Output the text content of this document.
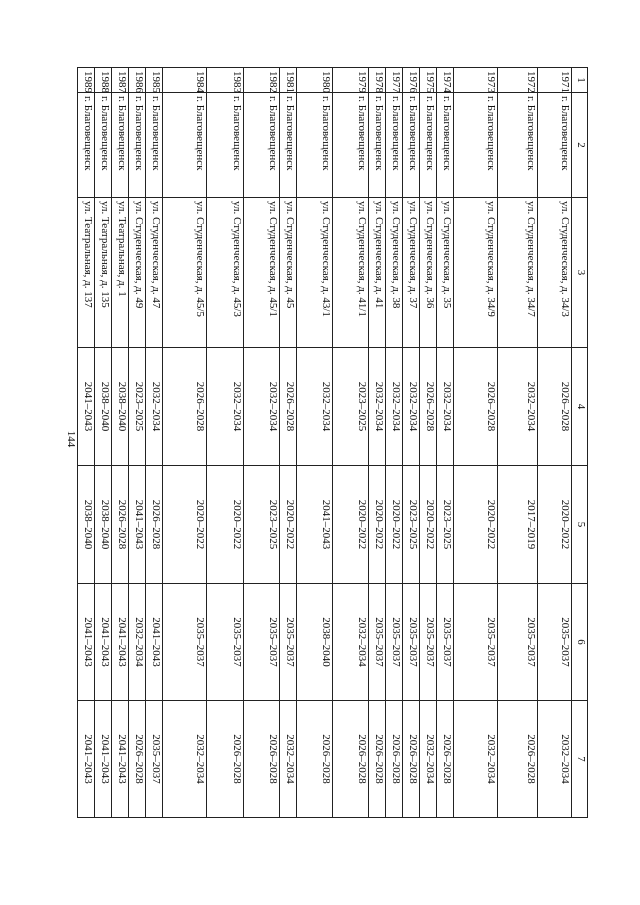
144
1	2	3	4	5	6	7
1971	г. Благовещенск	ул. Студенческая, д. 34/3	2026–2028	2020–2022	2035–2037	2032–2034
1972	г. Благовещенск	ул. Студенческая, д. 34/7	2032–2034	2017–2019	2035–2037	2026–2028
1973	г. Благовещенск	ул. Студенческая, д. 34/9	2026–2028	2020–2022	2035–2037	2032–2034
1974	г. Благовещенск	ул. Студенческая, д. 35	2032–2034	2023–2025	2035–2037	2026–2028
1975	г. Благовещенск	ул. Студенческая, д. 36	2026–2028	2020–2022	2035–2037	2032–2034
1976	г. Благовещенск	ул. Студенческая, д. 37	2032–2034	2023–2025	2035–2037	2026–2028
1977	г. Благовещенск	ул. Студенческая, д. 38	2032–2034	2020–2022	2035–2037	2026–2028
1978	г. Благовещенск	ул. Студенческая, д. 41	2032–2034	2020–2022	2035–2037	2026–2028
1979	г. Благовещенск	ул. Студенческая, д. 41/1	2023–2025	2020–2022	2032–2034	2026–2028
1980	г. Благовещенск	ул. Студенческая, д. 43/1	2032–2034	2041–2043	2038–2040	2026–2028
1981	г. Благовещенск	ул. Студенческая, д. 45	2026–2028	2020–2022	2035–2037	2032–2034
1982	г. Благовещенск	ул. Студенческая, д. 45/1	2032–2034	2023–2025	2035–2037	2026–2028
1983	г. Благовещенск	ул. Студенческая, д. 45/3	2032–2034	2020–2022	2035–2037	2026–2028
1984	г. Благовещенск	ул. Студенческая, д. 45/5	2026–2028	2020–2022	2035–2037	2032–2034
1985	г. Благовещенск	ул. Студенческая, д. 47	2032–2034	2026–2028	2041–2043	2035–2037
1986	г. Благовещенск	ул. Студенческая, д. 49	2023–2025	2041–2043	2032–2034	2026–2028
1987	г. Благовещенск	ул. Театральная, д. 1	2038–2040	2026–2028	2041–2043	2041–2043
1988	г. Благовещенск	ул. Театральная, д. 135	2038–2040	2038–2040	2041–2043	2041–2043
1989	г. Благовещенск	ул. Театральная, д. 137	2041–2043	2038–2040	2041–2043	2041–2043
